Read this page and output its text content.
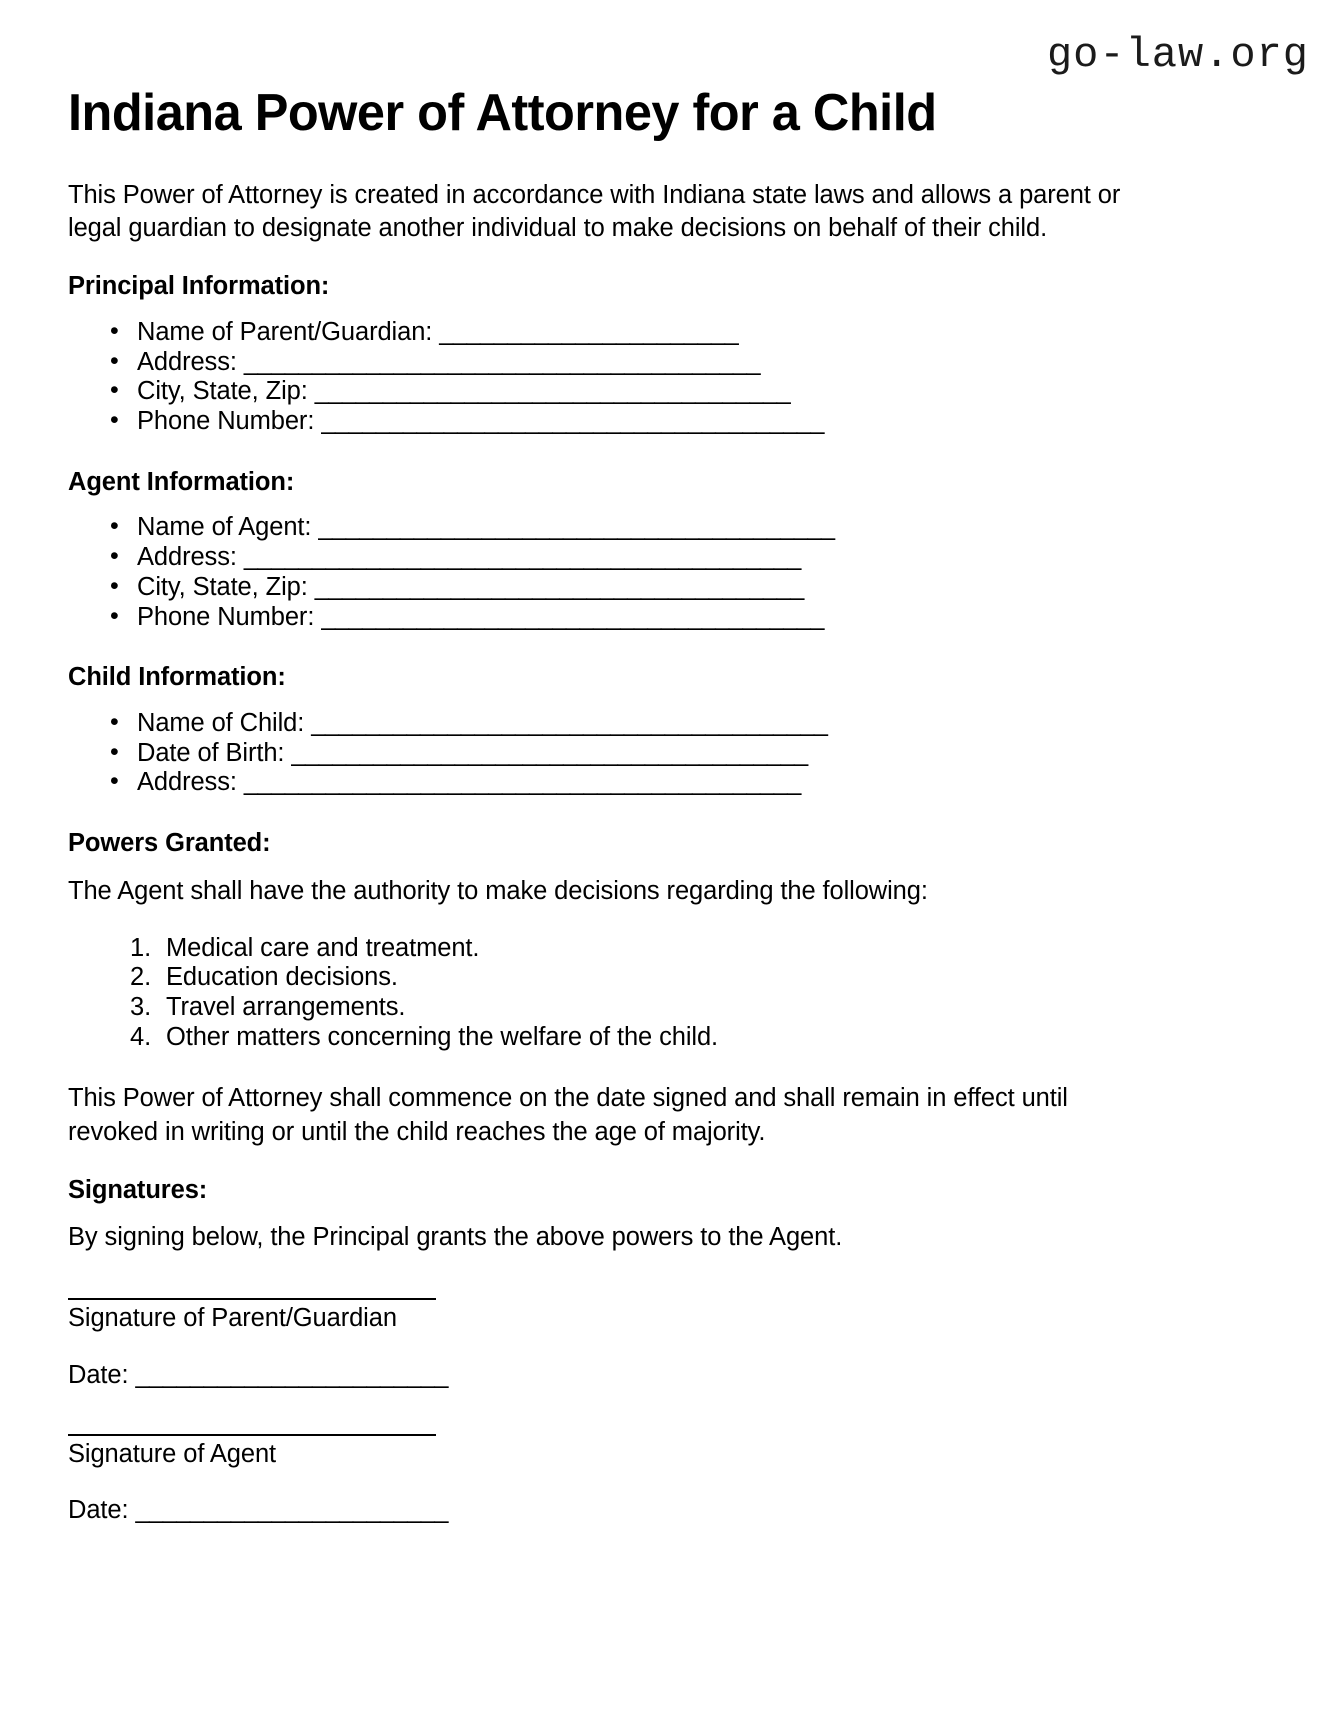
go-law.org
Indiana Power of Attorney for a Child

This Power of Attorney is created in accordance with Indiana state laws and allows a parent or legal guardian to designate another individual to make decisions on behalf of their child.

Principal Information:
• Name of Parent/Guardian: ______________________
• Address: ______________________________________
• City, State, Zip: ___________________________________
• Phone Number: _____________________________________
Agent Information:
• Name of Agent: ______________________________________
• Address: _________________________________________
• City, State, Zip: ____________________________________
• Phone Number: _____________________________________
Child Information:
• Name of Child: ______________________________________
• Date of Birth: ______________________________________
• Address: _________________________________________
Powers Granted:

The Agent shall have the authority to make decisions regarding the following:

Medical care and treatment.
Education decisions.
Travel arrangements.
Other matters concerning the welfare of the child.

This Power of Attorney shall commence on the date signed and shall remain in effect until revoked in writing or until the child reaches the age of majority.

Signatures:

By signing below, the Principal grants the above powers to the Agent.

Signature of Parent/Guardian
Date: _______________________
Signature of Agent
Date: _______________________
